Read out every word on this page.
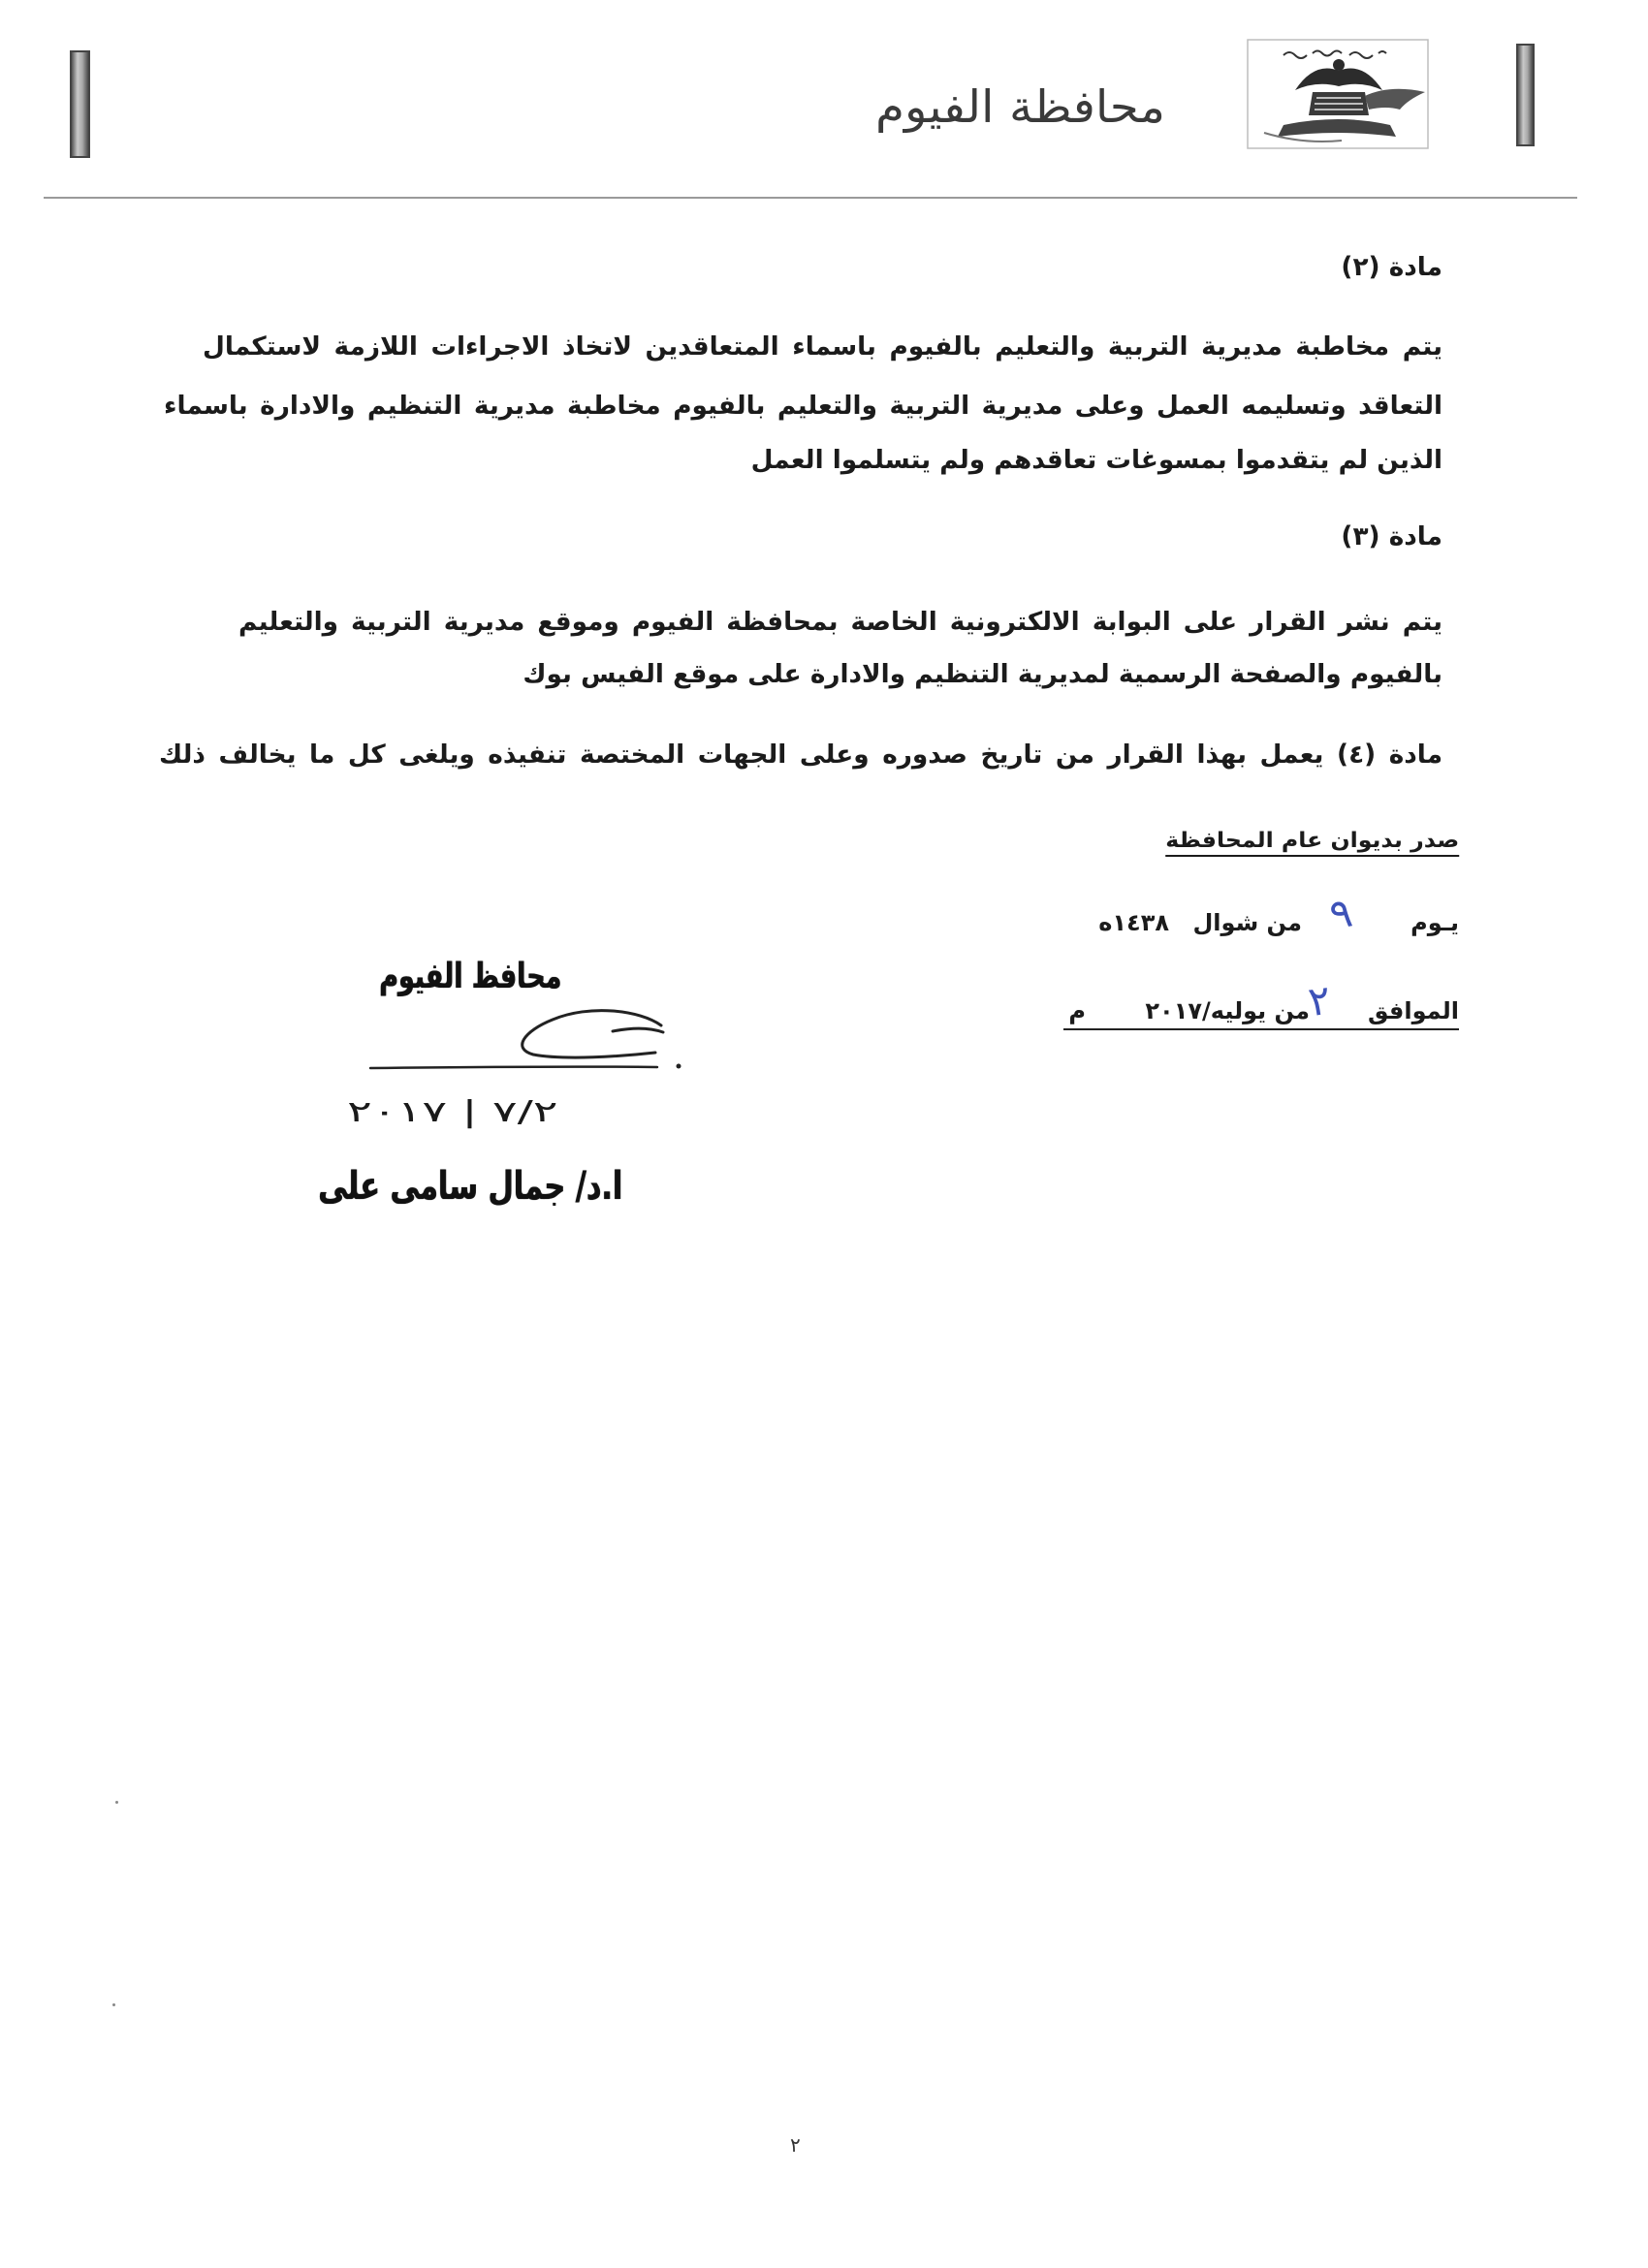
محافظة الفيوم
مادة (٢)
يتم مخاطبة مديرية التربية والتعليم بالفيوم باسماء المتعاقدين لاتخاذ الاجراءات اللازمة لاستكمال
التعاقد وتسليمه العمل وعلى مديرية التربية والتعليم بالفيوم مخاطبة مديرية التنظيم والادارة باسماء
الذين لم يتقدموا بمسوغات تعاقدهم ولم يتسلموا العمل
مادة (٣)
يتم نشر القرار على البوابة الالكترونية الخاصة بمحافظة الفيوم وموقع مديرية التربية والتعليم
بالفيوم والصفحة الرسمية لمديرية التنظيم والادارة على موقع الفيس بوك
مادة (٤) يعمل بهذا القرار من تاريخ صدوره وعلى الجهات المختصة تنفيذه ويلغى كل ما يخالف ذلك
صدر بديوان عام المحافظة
يـوم
٩
من شوال
١٤٣٨ه
الموافق
٢
من يوليه/٢٠١٧
م
محافظ الفيوم
٢٠١٧ | ٧/٢
ا.د/ جمال سامى على
٢
